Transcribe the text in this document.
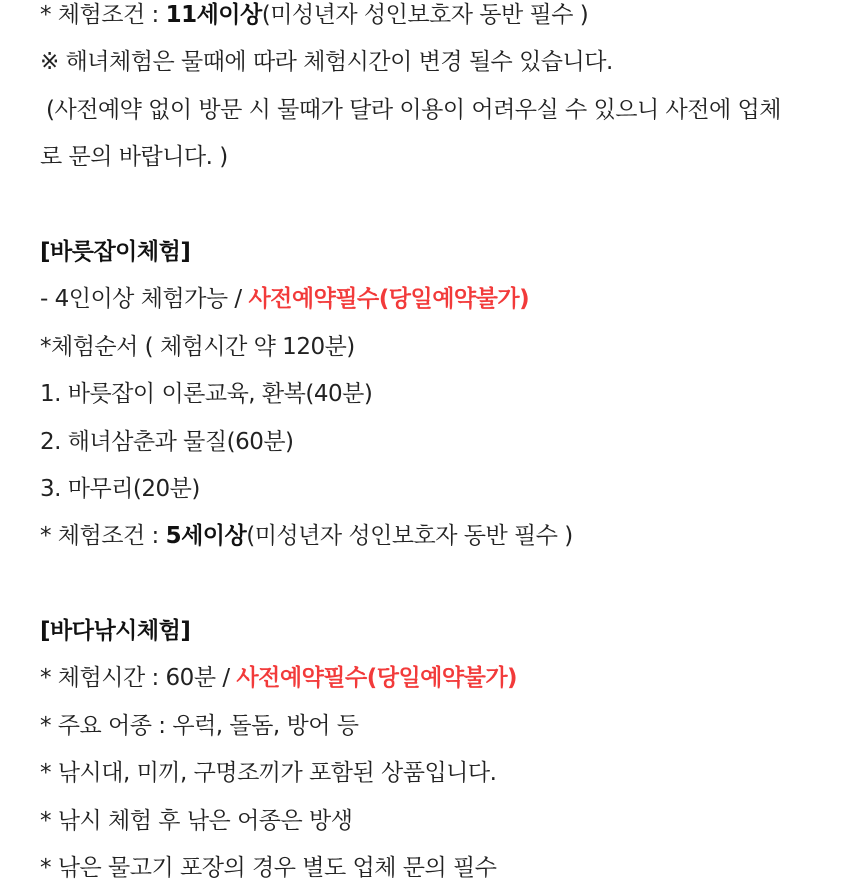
* 체험조건 : 11세이상(미성년자 성인보호자 동반 필수 )
※ 해녀체험은 물때에 따라 체험시간이 변경 될수 있습니다.
(사전예약 없이 방문 시 물때가 달라 이용이 어려우실 수 있으니 사전에 업체
로 문의 바랍니다. )
[바릇잡이체험]
- 4인이상 체험가능 / 사전예약필수(당일예약불가)
*체험순서 ( 체험시간 약 120분)
1. 바릇잡이 이론교육, 환복(40분)
2. 해녀삼춘과 물질(60분)
3. 마무리(20분)
* 체험조건 : 5세이상(미성년자 성인보호자 동반 필수 )
[바다낚시체험]
* 체험시간 : 60분 / 사전예약필수(당일예약불가)
* 주요 어종 : 우럭, 돌돔, 방어 등
* 낚시대, 미끼, 구명조끼가 포함된 상품입니다.
* 낚시 체험 후 낚은 어종은 방생
* 낚은 물고기 포장의 경우 별도 업체 문의 필수
